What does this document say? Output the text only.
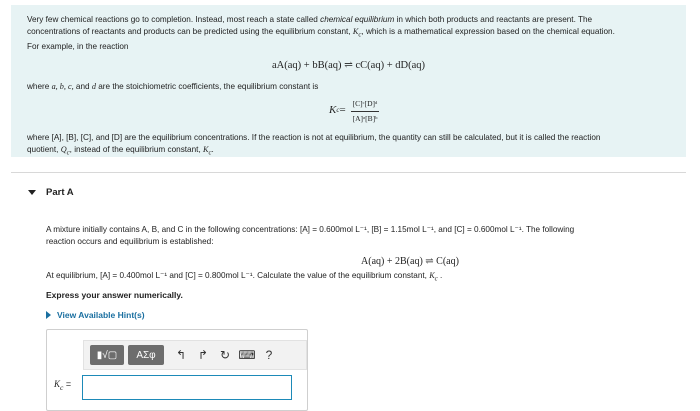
Very few chemical reactions go to completion. Instead, most reach a state called chemical equilibrium in which both products and reactants are present. The

concentrations of reactants and products can be predicted using the equilibrium constant, $K_c$, which is a mathematical expression based on the chemical equation.

For example, in the reaction

aA(aq) + bB(aq) ⇌ cC(aq) + dD(aq)
where a, b, c, and d are the stoichiometric coefficients, the equilibrium constant is
K $c = \frac{\text{[C]ᶜ[D]ᵈ}}{\text{[A]ᵃ[B]ᵇ}}$
where [A], [B], [C], and [D] are the equilibrium concentrations. If the reaction is not at equilibrium, the quantity can still be calculated, but it is called the reaction
quotient, $Q_c$, instead of the equilibrium constant, $K_c$.
Part A
A mixture initially contains A, B, and C in the following concentrations: [A] = 0.600mol L⁻¹, [B] = 1.15mol L⁻¹, and [C] = 0.600mol L⁻¹. The following
reaction occurs and equilibrium is established:
A(aq) + 2B(aq) ⇌ C(aq)
At equilibrium, [A] = 0.400mol L⁻¹ and [C] = 0.800mol L⁻¹. Calculate the value of the equilibrium constant, $K_c$ .
Express your answer numerically.
View Available Hint(s)
▮√▢	ΑΣφ	↰ ↱ ↻ ⌨ ?
$K_c$ =
